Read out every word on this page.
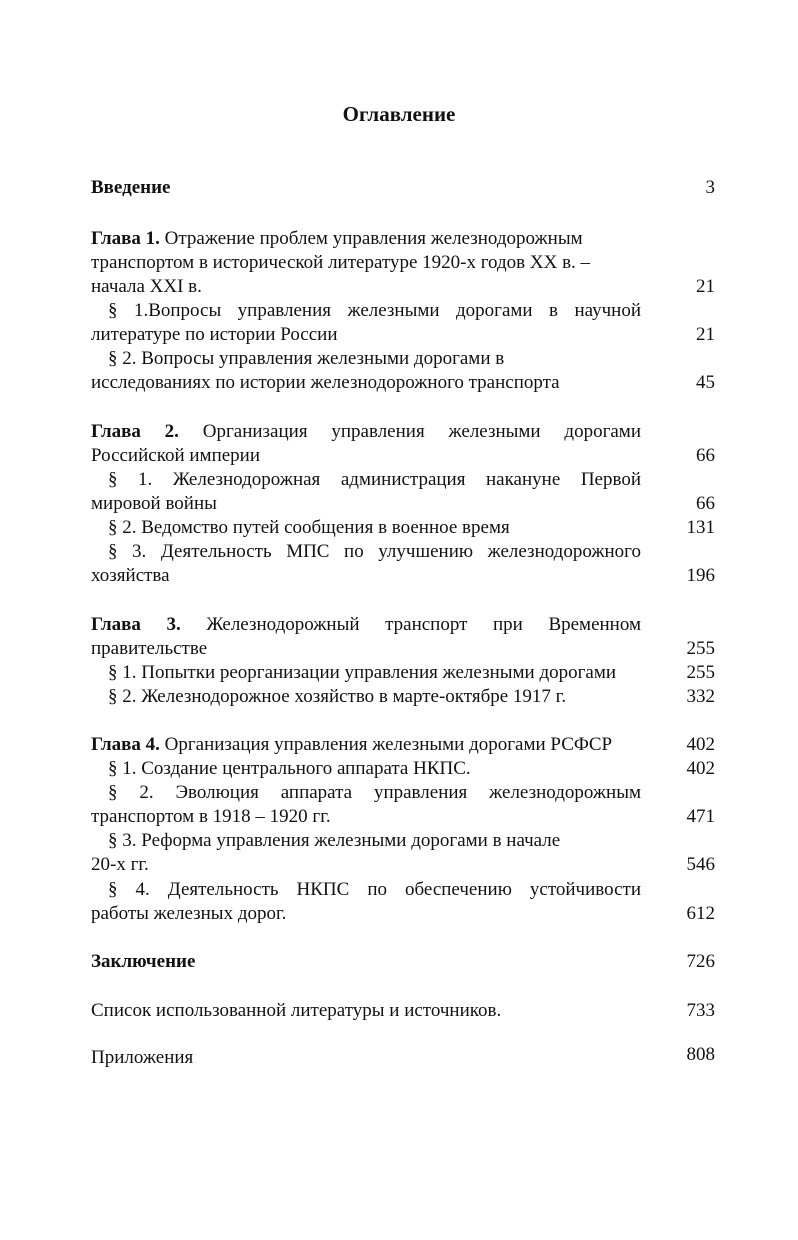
Оглавление
Введение	3
Глава 1. Отражение проблем управления железнодорожным
транспортом в исторической литературе 1920-х годов XX в. –
начала XXI в.	21
§ 1.Вопросы управления железными дорогами в научной
литературе по истории России	21
§ 2. Вопросы управления железными дорогами в
исследованиях по истории железнодорожного транспорта	45
Глава 2. Организация управления железными дорогами
Российской империи	66
§ 1. Железнодорожная администрация накануне Первой
мировой войны	66
§ 2. Ведомство путей сообщения в военное время	131
§ 3. Деятельность МПС по улучшению железнодорожного
хозяйства	196
Глава 3. Железнодорожный транспорт при Временном
правительстве	255
§ 1. Попытки реорганизации управления железными дорогами	255
§ 2. Железнодорожное хозяйство в марте-октябре 1917 г.	332
Глава 4. Организация управления железными дорогами РСФСР	402
§ 1. Создание центрального аппарата НКПС.	402
§ 2. Эволюция аппарата управления железнодорожным
транспортом в 1918 – 1920 гг.	471
§ 3. Реформа управления железными дорогами в начале
20-х гг.	546
§ 4. Деятельность НКПС по обеспечению устойчивости
работы железных дорог.	612
Заключение	726
Список использованной литературы и источников.	733
Приложения	808
